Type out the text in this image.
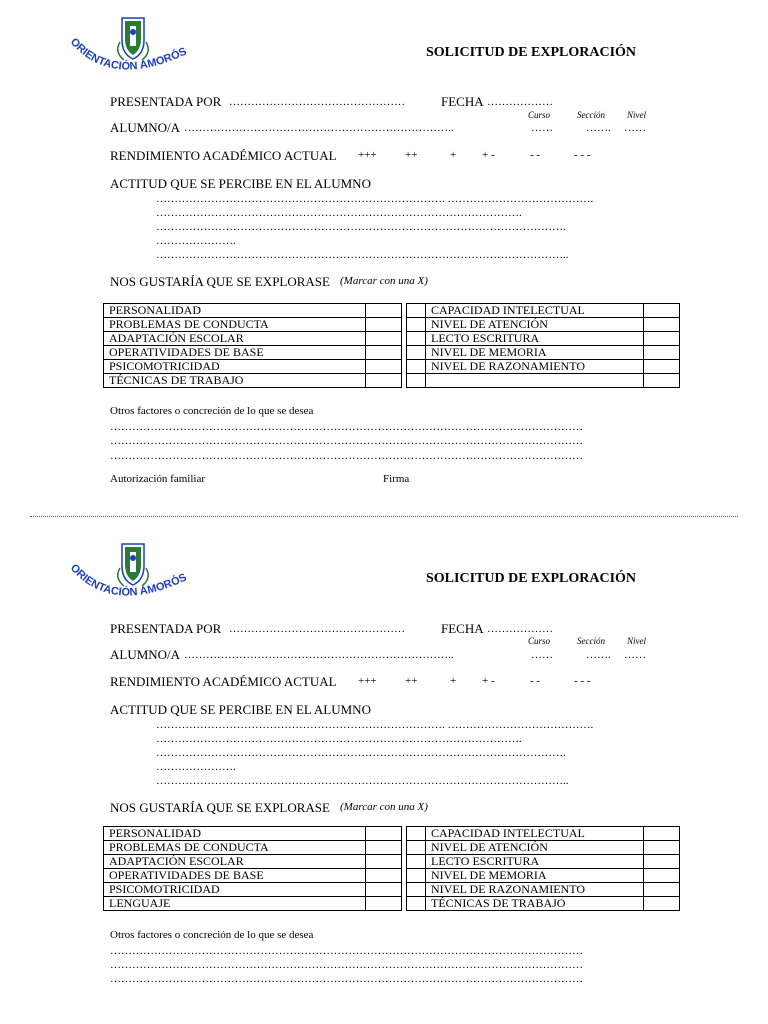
ORIENTACIÓN AMORÓS	SOLICITUD DE EXPLORACIÓN
PRESENTADA POR …………………………………………	FECHA ………………
Curso	Sección Nivel
ALUMNO/A ………………………………………………………………..	……	……. ……
RENDIMIENTO ACADÉMICO ACTUAL +++	++	+ + -	- -	- - -
ACTITUD QUE SE PERCIBE EN EL ALUMNO
……………………………………………………………………. ………………………………….
……………………………………………………………………………………….
………………………………………………………………………………………………….
………………….
…………………………………………………………………………………………………..
NOS GUSTARÍA QUE SE EXPLORASE (Marcar con una X)
PERSONALIDAD				CAPACIDAD INTELECTUAL	
PROBLEMAS DE CONDUCTA				NIVEL DE ATENCIÓN	
ADAPTACIÓN ESCOLAR				LECTO ESCRITURA	
OPERATIVIDADES DE BASE				NIVEL DE MEMORIA	
PSICOMOTRICIDAD				NIVEL DE RAZONAMIENTO	
TÉCNICAS DE TRABAJO					
Otros factores o concreción de lo que se desea
…………………………………………………………………………………………………………………
…………………………………………………………………………………………………………………
…………………………………………………………………………………………………………………
Autorización familiar	Firma
ORIENTACIÓN AMORÓS	SOLICITUD DE EXPLORACIÓN
PRESENTADA POR …………………………………………	FECHA ………………
Curso	Sección Nivel
ALUMNO/A ………………………………………………………………..	……	……. ……
RENDIMIENTO ACADÉMICO ACTUAL +++	++	+ + -	- -	- - -
ACTITUD QUE SE PERCIBE EN EL ALUMNO
……………………………………………………………………. ………………………………….
……………………………………………………………………………………….
………………………………………………………………………………………………….
………………….
…………………………………………………………………………………………………..
NOS GUSTARÍA QUE SE EXPLORASE (Marcar con una X)
PERSONALIDAD				CAPACIDAD INTELECTUAL	
PROBLEMAS DE CONDUCTA				NIVEL DE ATENCIÓN	
ADAPTACIÓN ESCOLAR				LECTO ESCRITURA	
OPERATIVIDADES DE BASE				NIVEL DE MEMORIA	
PSICOMOTRICIDAD				NIVEL DE RAZONAMIENTO	
LENGUAJE				TÉCNICAS DE TRABAJO	
Otros factores o concreción de lo que se desea
…………………………………………………………………………………………………………………
…………………………………………………………………………………………………………………
…………………………………………………………………………………………………………………
